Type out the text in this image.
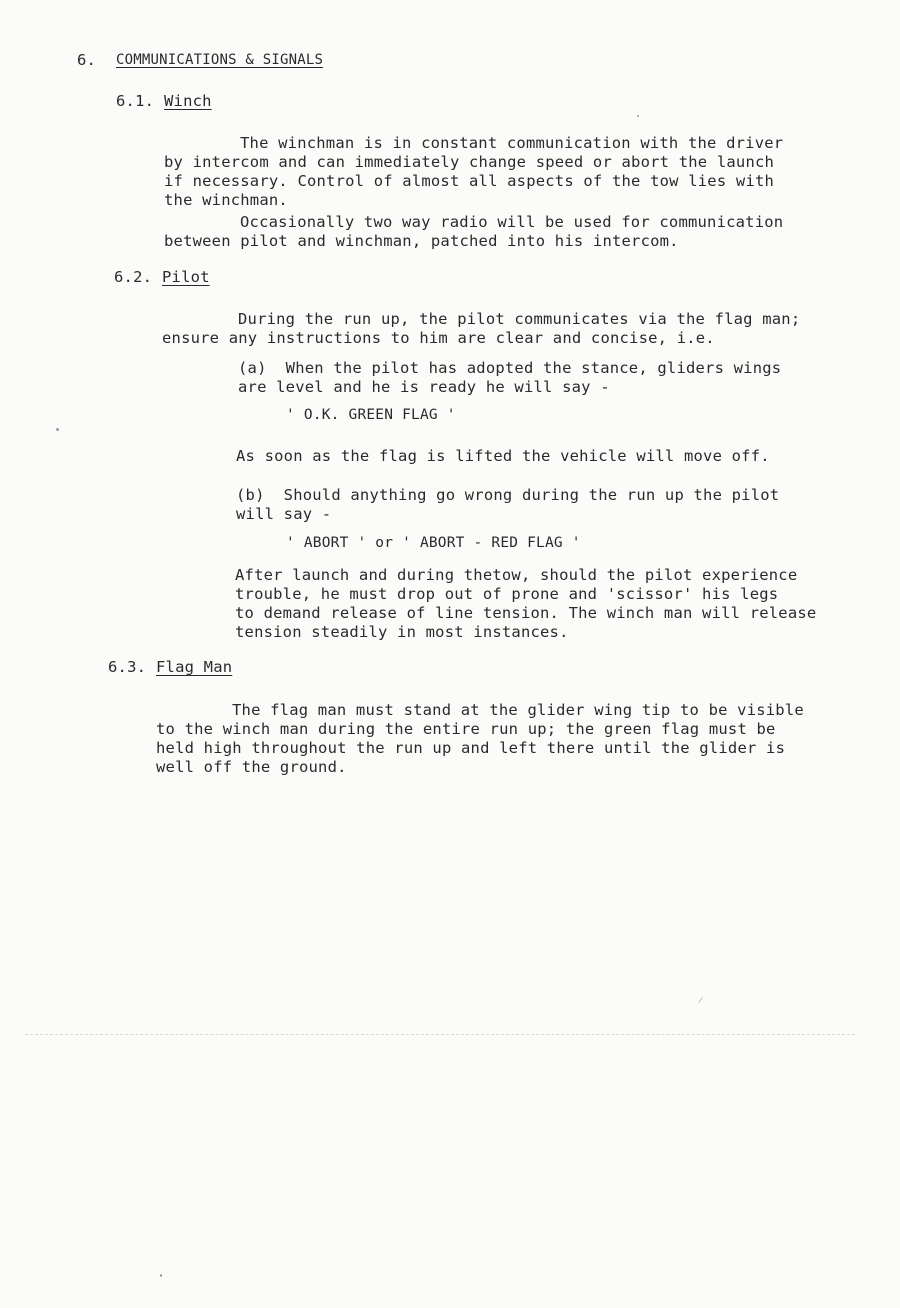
6. COMMUNICATIONS & SIGNALS
6.1. Winch
The winchman is in constant communication with the driver
by intercom and can immediately change speed or abort the launch
if necessary. Control of almost all aspects of the tow lies with
the winchman.
Occasionally two way radio will be used for communication
between pilot and winchman, patched into his intercom.
6.2. Pilot
During the run up, the pilot communicates via the flag man;
ensure any instructions to him are clear and concise, i.e.
(a)  When the pilot has adopted the stance, gliders wings
are level and he is ready he will say -
' O.K. GREEN FLAG '
As soon as the flag is lifted the vehicle will move off.
(b)  Should anything go wrong during the run up the pilot
will say -
' ABORT ' or ' ABORT - RED FLAG '
After launch and during thetow, should the pilot experience
trouble, he must drop out of prone and 'scissor' his legs
to demand release of line tension. The winch man will release
tension steadily in most instances.
6.3. Flag Man
The flag man must stand at the glider wing tip to be visible
to the winch man during the entire run up; the green flag must be
held high throughout the run up and left there until the glider is
well off the ground.
